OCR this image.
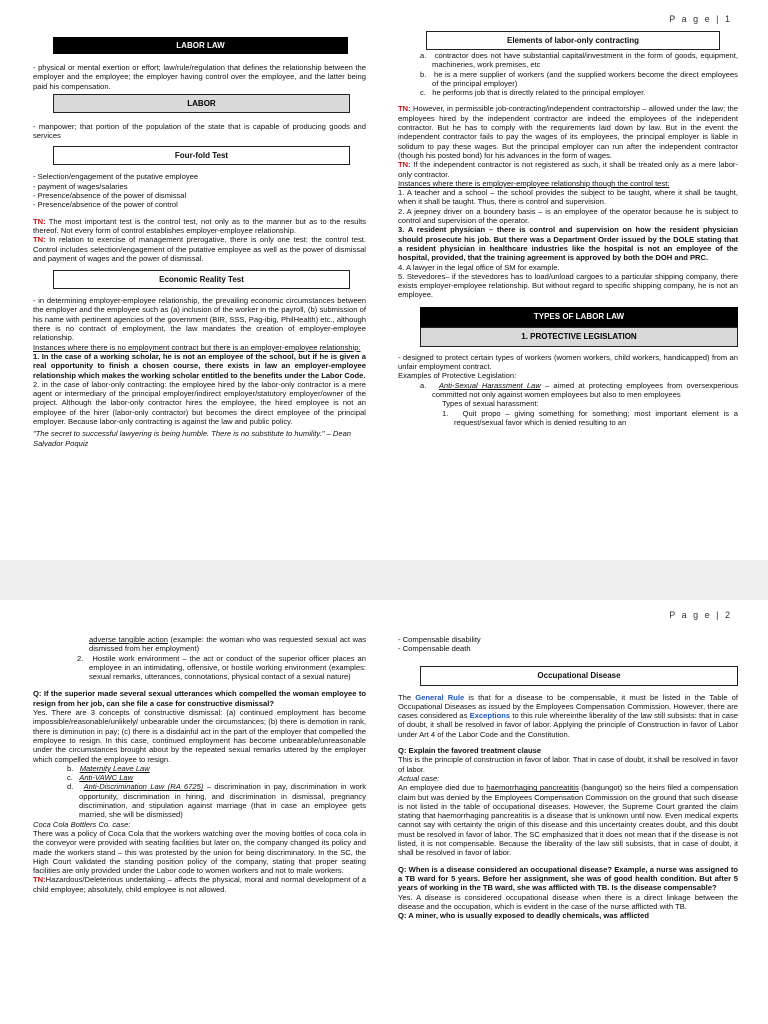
P a g e | 1
LABOR LAW

- physical or mental exertion or effort; law/rule/regulation that defines the relationship between the employer and the employee; the employer having control over the employee, and the latter being paid his compensation.

LABOR

- manpower; that portion of the population of the state that is capable of producing goods and services

Four-fold Test

- Selection/engagement of the putative employee

- payment of wages/salaries

- Presence/absence of the power of dismissal

- Presence/absence of the power of control

TN: The most important test is the control test, not only as to the manner but as to the results thereof. Not every form of control establishes employer-employee relationship.

TN: In relation to exercise of management prerogative, there is only one test: the control test. Control includes selection/engagement of the putative employee as well as the power of dismissal and payment of wages and the power of dismissal.

Economic Reality Test

- in determining employer-employee relationship, the prevailing economic circumstances between the employer and the employee such as (a) inclusion of the worker in the payroll, (b) submission of his name with pertinent agencies of the government (BIR, SSS, Pag-ibig, PhilHealth) etc., although there is no contract of employment, the law mandates the creation of employer-employee relationship.

Instances where there is no employment contract but there is an employer-employee relationship:

1. In the case of a working scholar, he is not an employee of the school, but if he is given a real opportunity to finish a chosen course, there exists in law an employer-employee relationship which makes the working scholar entitled to the benefits under the Labor Code.

2. in the case of labor-only contracting: the employee hired by the labor-only contractor is a mere agent or intermediary of the principal employer/indirect employer/statutory employer/owner of the project. Although the labor-only contractor hires the employee, the hired employee is not an employee of the hirer (labor-only contractor) but becomes the direct employee of the principal employer. Because labor-only contracting is against the law and public policy.

"The secret to successful lawyering is being humble. There is no substitute to humility." – Dean Salvador Poquiz

Elements of labor-only contracting

a. contractor does not have substantial capital/investment in the form of goods, equipment, machineries, work premises, etc

b. he is a mere supplier of workers (and the supplied workers become the direct employees of the principal employer)

c. he performs job that is directly related to the principal employer.

TN: However, in permissible job-contracting/independent contractorship – allowed under the law; the employees hired by the independent contractor are indeed the employees of the independent contractor. But he has to comply with the requirements laid down by law. But in the event the independent contractor fails to pay the wages of its employees, the principal employer is liable in solidum to pay these wages. But the principal employer can run after the independent contractor (though his posted bond) for his advances in the form of wages.

TN: If the independent contractor is not registered as such, it shall be treated only as a mere labor-only contractor.

Instances where there is employer-employee relationship though the control test:

1. A teacher and a school – the school provides the subject to be taught, where it shall be taught, when it shall be taught. Thus, there is control and supervision.

2. A jeepney driver on a boundery basis – is an employee of the operator because he is subject to control and supervision of the operator.

3. A resident physician – there is control and supervision on how the resident physician should prosecute his job. But there was a Department Order issued by the DOLE stating that a resident physician in healthcare industries like the hospital is not an employee of the hospital, provided, that the training agreement is approved by both the DOH and PRC.

4. A lawyer in the legal office of SM for example.

5. Stevedores– if the stevedores has to load/unload cargoes to a particular shipping company, there exists employer-employee relationship. But without regard to specific shipping company, he is not an employee.

TYPES OF LABOR LAW
1. PROTECTIVE LEGISLATION

- designed to protect certain types of workers (women workers, child workers, handicapped) from an unfair employment contract.

Examples of Protective Legislation:

a. Anti-Sexual Harassment Law – aimed at protecting employees from oversexperious committed not only against women employees but also to men employees

Types of sexual harassment:

1. Quit propo – giving something for something; most important element is a request/sexual favor which is denied resulting to an

P a g e | 2

adverse tangible action (example: the woman who was requested sexual act was dismissed from her employment)

2. Hostile work environment – the act or conduct of the superior officer places an employee in an intimidating, offensive, or hostile working environment (examples: sexual remarks, utterances, connotations, physical contact of a sexual nature)

Q: If the superior made several sexual utterances which compelled the woman employee to resign from her job, can she file a case for constructive dismissal?

Yes. There are 3 concepts of constructive dismissal: (a) continued employment has become impossible/reasonable/unlikely/ unbearable under the circumstances; (b) there is demotion in rank, there is diminution in pay; (c) there is a disdainful act in the part of the employer that compelled the employee to resign. In this case, continued employment has become unbearable/unreasonable under the circumstances brought about by the repeated sexual remarks uttered by the employer which compelled the employee to resign.

b. Maternity Leave Law

c. Anti-VAWC Law

d. Anti-Discrimination Law (RA 6725) – discrimination in pay, discrimination in work opportunity, discrimination in hiring, and discrimination in dismissal, pregnancy discrimination, and stipulation against marriage (that in case an employee gets married, she will be dismissed)

Coca Cola Bottlers Co. case:

There was a policy of Coca Cola that the workers watching over the moving bottles of coca cola in the conveyor were provided with seating facilities but later on, the company changed its policy and made the workers stand – this was protested by the union for being discriminatory. In the SC, the High Court validated the standing position policy of the company, stating that proper seating facilities are only provided under the Labor code to women workers and not to male workers.

TN:Hazardous/Deleterious undertaking – affects the physical, moral and normal development of a child employee; absolutely, child employee is not allowed.

- Compensable disability

- Compensable death

Occupational Disease

The General Rule is that for a disease to be compensable, it must be listed in the Table of Occupational Diseases as issued by the Employees Compensation Commission. However, there are cases considered as Exceptions to this rule whereinthe liberality of the law still subsists: that in case of doubt, it shall be resolved in favor of labor. Applying the principle of Construction in favor of Labor under Art 4 of the Labor Code and the Constitution.

Q: Explain the favored treatment clause

This is the principle of construction in favor of labor. That in case of doubt, it shall be resolved in favor of labor.

Actual case:

An employee died due to haemorrhaging pancreatitis (bangungot) so the heirs filed a compensation claim but was denied by the Employees Compensation Commission on the ground that such disease is not listed in the table of occupational diseases. However, the Supreme Court granted the claim stating that haemorrhaging pancreatitis is a disease that is unknown until now. Even medical experts cannot say with certainty the origin of this disease and this uncertainty creates doubt, and this doubt must be resolved in favor of labor. The SC emphasized that it does not mean that if the disease is not listed, it is not compensable. Because the liberality of the law still subsists, that in case of doubt, it shall be resolved in favor of labor.

Q: When is a disease considered an occupational disease? Example, a nurse was assigned to a TB ward for 5 years. Before her assignment, she was of good health condition. But after 5 years of working in the TB ward, she was afflicted with TB. Is the disease compensable?

Yes. A disease is considered occupational disease when there is a direct linkage between the disease and the occupation, which is evident in the case of the nurse afflicted with TB.

Q: A miner, who is usually exposed to deadly chemicals, was afflicted
